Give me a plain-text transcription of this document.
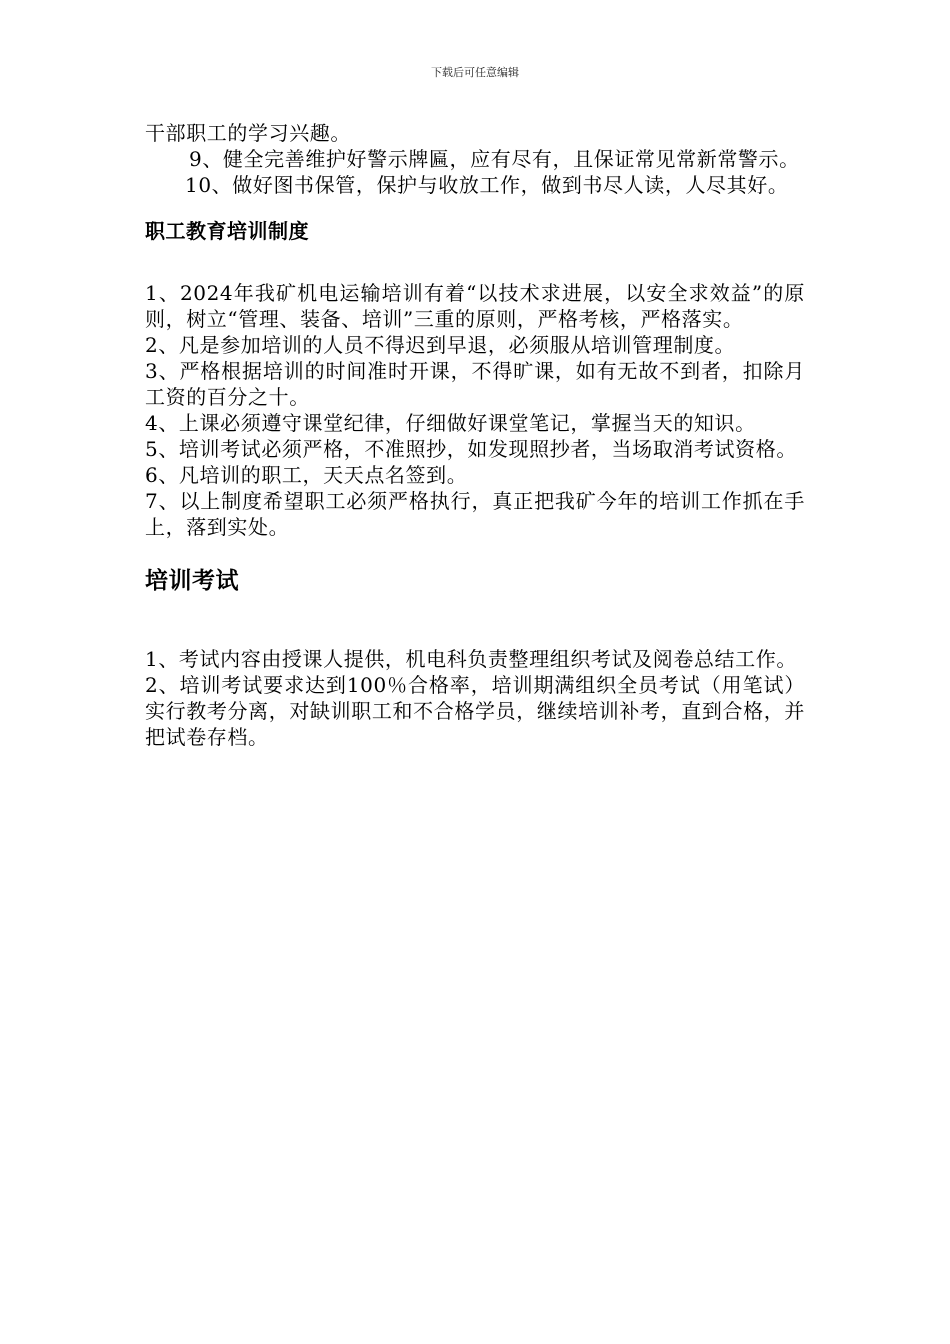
下载后可任意编辑

干部职工的学习兴趣。

9、健全完善维护好警示牌匾，应有尽有，且保证常见常新常警示。

10、做好图书保管，保护与收放工作，做到书尽人读，人尽其好。

职工教育培训制度

1、2024年我矿机电运输培训有着“以技术求进展，以安全求效益”的原则，树立“管理、装备、培训”三重的原则，严格考核，严格落实。

2、凡是参加培训的人员不得迟到早退，必须服从培训管理制度。

3、严格根据培训的时间准时开课，不得旷课，如有无故不到者，扣除月工资的百分之十。

4、上课必须遵守课堂纪律，仔细做好课堂笔记，掌握当天的知识。

5、培训考试必须严格，不准照抄，如发现照抄者，当场取消考试资格。

6、凡培训的职工，天天点名签到。

7、以上制度希望职工必须严格执行，真正把我矿今年的培训工作抓在手上，落到实处。

培训考试

1、考试内容由授课人提供，机电科负责整理组织考试及阅卷总结工作。

2、培训考试要求达到100％合格率，培训期满组织全员考试（用笔试）实行教考分离，对缺训职工和不合格学员，继续培训补考，直到合格，并把试卷存档。
